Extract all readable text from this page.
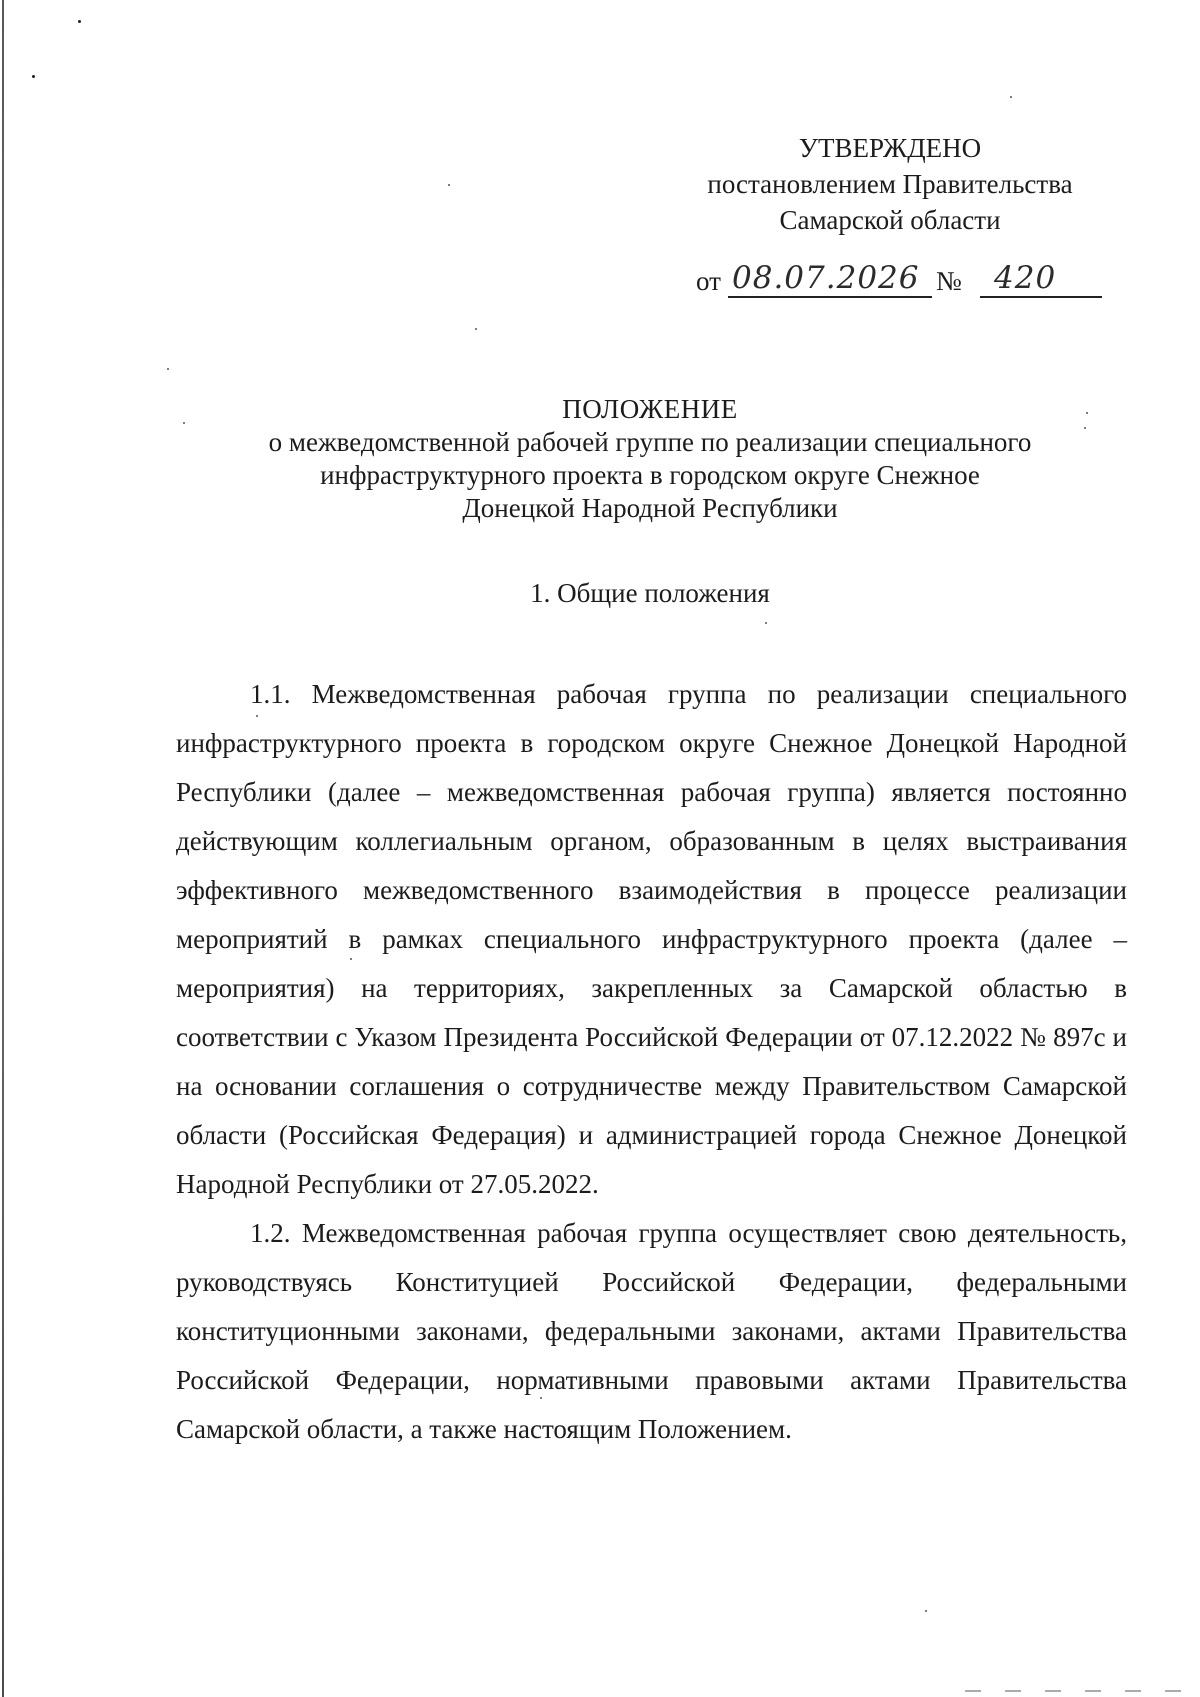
УТВЕРЖДЕНО
постановлением Правительства
Самарской области
от 08.07.2026 № 420
ПОЛОЖЕНИЕ
о межведомственной рабочей группе по реализации специального
инфраструктурного проекта в городском округе Снежное
Донецкой Народной Республики
1. Общие положения

1.1. Межведомственная рабочая группа по реализации специального инфраструктурного проекта в городском округе Снежное Донецкой Народной Республики (далее – межведомственная рабочая группа) является постоянно действующим коллегиальным органом, образованным в целях выстраивания эффективного межведомственного взаимодействия в процессе реализации мероприятий в рамках специального инфраструктурного проекта (далее – мероприятия) на территориях, закрепленных за Самарской областью в соответствии с Указом Президента Российской Федерации от 07.12.2022 № 897с и на основании соглашения о сотрудничестве между Правительством Самарской области (Российская Федерация) и администрацией города Снежное Донецкой Народной Республики от 27.05.2022.

1.2. Межведомственная рабочая группа осуществляет свою деятельность, руководствуясь Конституцией Российской Федерации, федеральными конституционными законами, федеральными законами, актами Правительства Российской Федерации, нормативными правовыми актами Правительства Самарской области, а также настоящим Положением.
